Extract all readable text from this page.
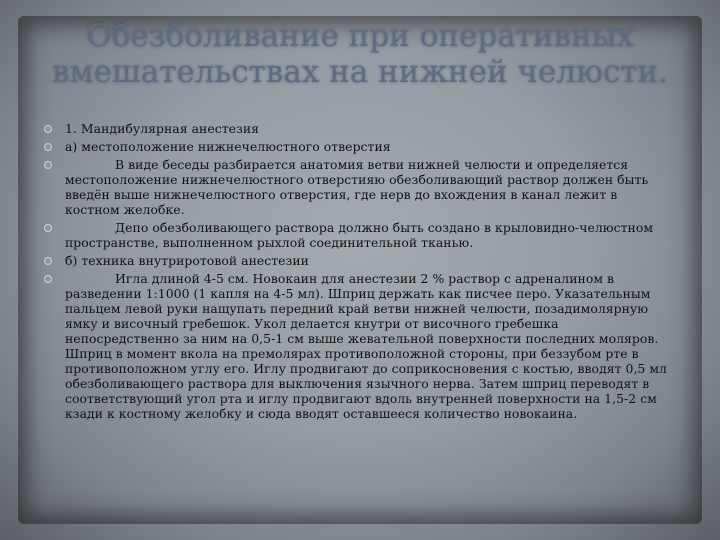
Обезболивание при оперативных
вмешательствах на нижней челюсти.
1. Мандибулярная анестезия
а) местоположение нижнечелюстного отверстия
В виде беседы разбирается анатомия ветви нижней челюсти и определяется местоположение нижнечелюстного отверстияю обезболивающий раствор должен быть введён выше нижнечелюстного отверстия, где нерв до вхождения в канал лежит в костном желобке.
Депо обезболивающего раствора должно быть создано в крыловидно-челюстном пространстве, выполненном рыхлой соединительной тканью.
б) техника внутриротовой анестезии
Игла длиной 4-5 см. Новокаин для анестезии 2 % раствор с адреналином в разведении 1:1000 (1 капля на 4-5 мл). Шприц держать как писчее перо. Указательным пальцем левой руки нащупать передний край ветви нижней челюсти, позадимолярную ямку и височный гребешок. Укол делается кнутри от височного гребешка непосредственно за ним на 0,5-1 см выше жевательной поверхности последних моляров. Шприц в момент вкола на премолярах противоположной стороны, при беззубом рте в противоположном углу его. Иглу продвигают до соприкосновения с костью, вводят 0,5 мл обезболивающего раствора для выключения язычного нерва. Затем шприц переводят в соответствующий угол рта и иглу продвигают вдоль внутренней поверхности на 1,5-2 см кзади к костному желобку и сюда вводят оставшееся количество новокаина.
